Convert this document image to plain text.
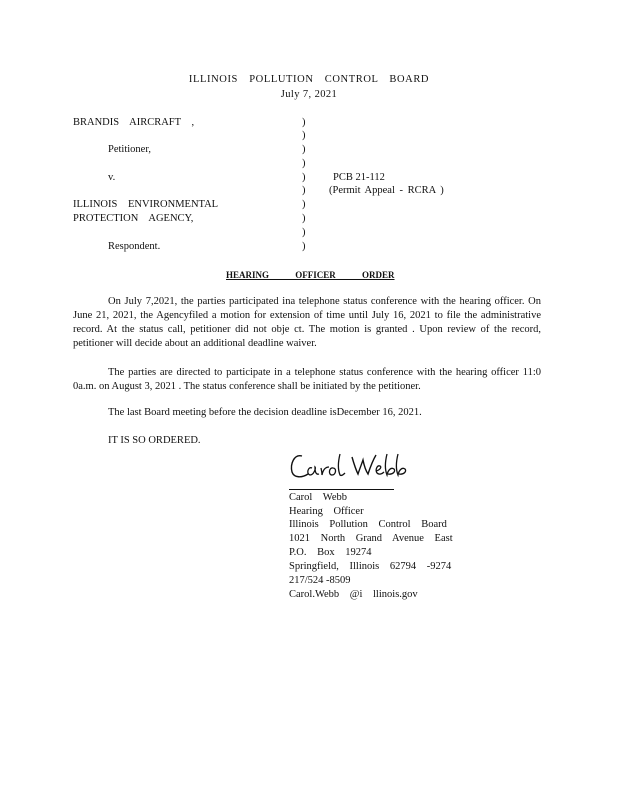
ILLINOIS POLLUTION CONTROL BOARD
July 7, 2021
BRANDIS AIRCRAFT ,
Petitioner,
v.
ILLINOIS ENVIRONMENTAL
PROTECTION AGENCY,
Respondent.
)
)
)
)
)
)
)
)
)
)
PCB 21-112
(Permit Appeal - RCRA )
HEARING OFFICER ORDER

On July 7,2021, the parties participated ina telephone status conference with the hearing officer. On June 21, 2021, the Agencyfiled a motion for extension of time until July 16, 2021 to file the administrative record. At the status call, petitioner did not obje ct. The motion is granted . Upon review of the record, petitioner will decide about an additional deadline waiver.

The parties are directed to participate in a telephone status conference with the hearing officer 11:0 0a.m. on August 3, 2021 . The status conference shall be initiated by the petitioner.

The last Board meeting before the decision deadline isDecember 16, 2021.

IT IS SO ORDERED.
Carol Webb
Hearing Officer
Illinois Pollution Control Board
1021 North Grand Avenue East
P.O. Box 19274
Springfield, Illinois 62794 -9274
217/524 -8509
Carol.Webb @i llinois.gov
